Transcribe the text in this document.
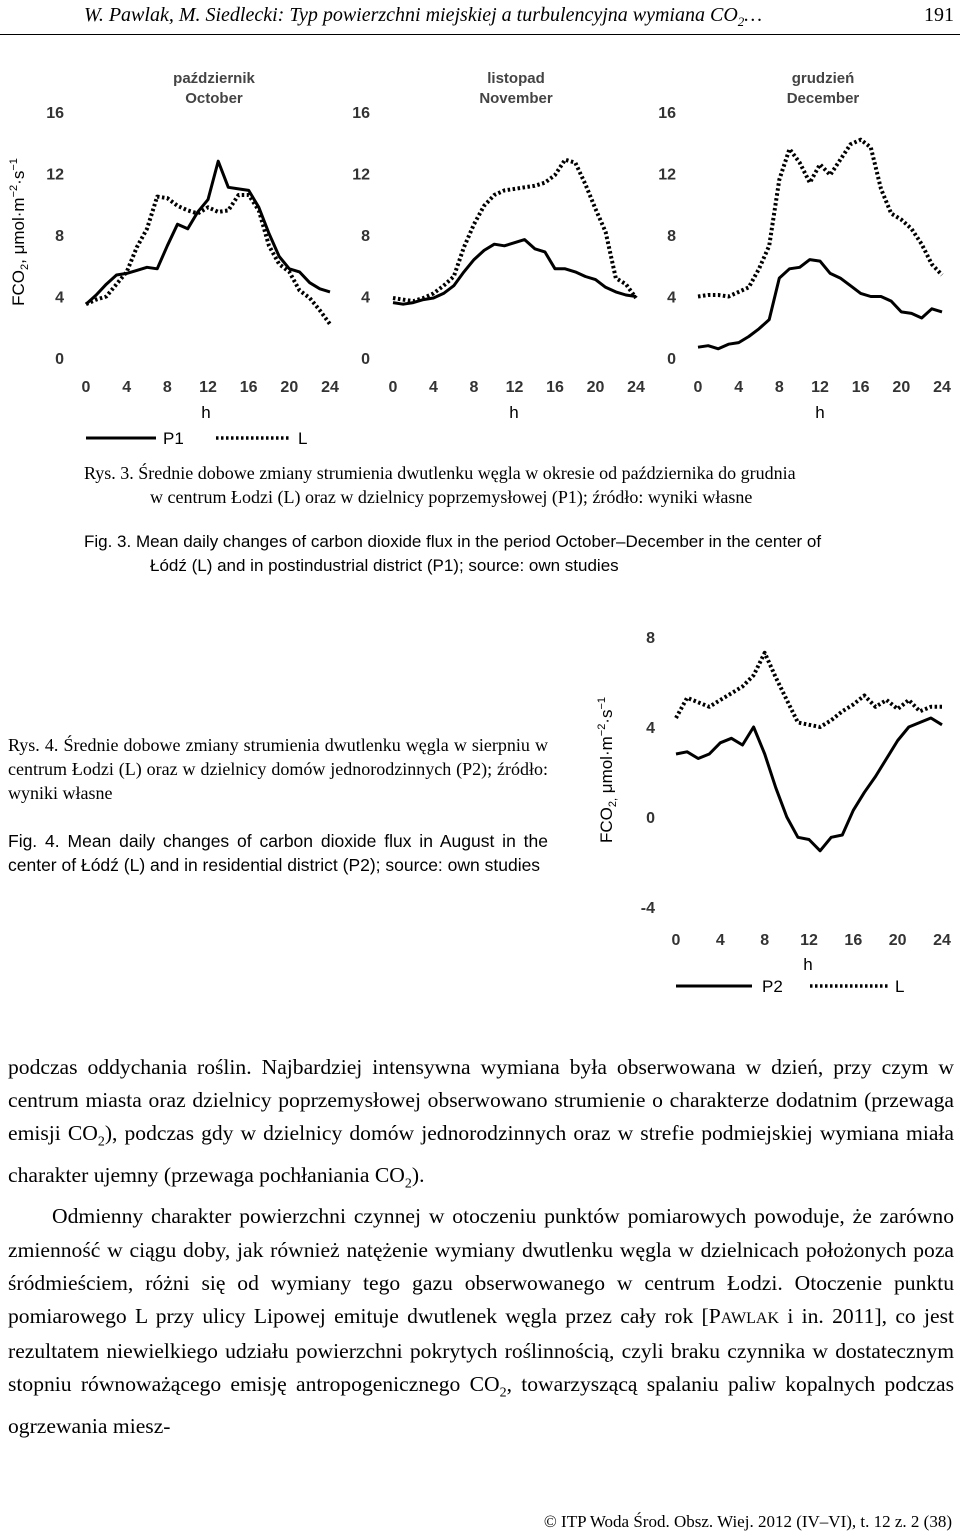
W. Pawlak, M. Siedlecki: Typ powierzchni miejskiej a turbulencyjna wymiana $CO_2\dots$	191
$FCO_2$, $\mu mol\cdot m^{-2}\cdot s^{-1}$
październik
October
0
4
8
12
16
0 4 8 12 16 20 24
h
listopad
November
0
4
8
12
16
0 4 8 12 16 20 24
h
grudzień
December
0
4
8
12
16
0 4 8 12 16 20 24
h
P1	L
Rys. 3. Średnie dobowe zmiany strumienia dwutlenku węgla w okresie od października do grudnia
w centrum Łodzi (L) oraz w dzielnicy poprzemysłowej (P1); źródło: wyniki własne
Fig. 3. Mean daily changes of carbon dioxide flux in the period October–December in the center of
Łódź (L) and in postindustrial district (P1); source: own studies
Rys. 4. Średnie dobowe zmiany strumienia dwutlenku węgla w sierpniu w centrum Łodzi (L) oraz w dzielnicy domów jednorodzinnych (P2); źródło: wyniki własne
Fig. 4. Mean daily changes of carbon dioxide flux in August in the center of Łódź (L) and in residential district (P2); source: own studies
$FCO_{2,}$ $\mu mol\cdot m^{-2}\cdot s^{-1}$
-4
0
4
8
0 4 8 12 16 20 24
h
P2	L

podczas oddychania roślin. Najbardziej intensywna wymiana była obserwowana w dzień, przy czym w centrum miasta oraz dzielnicy poprzemysłowej obserwowano strumienie o charakterze dodatnim (przewaga emisji $CO_2$), podczas gdy w dzielnicy domów jednorodzinnych oraz w strefie podmiejskiej wymiana miała charakter ujemny (przewaga pochłaniania $CO_2$).

Odmienny charakter powierzchni czynnej w otoczeniu punktów pomiarowych powoduje, że zarówno zmienność w ciągu doby, jak również natężenie wymiany dwutlenku węgla w dzielnicach położonych poza śródmieściem, różni się od wymiany tego gazu obserwowanego w centrum Łodzi. Otoczenie punktu pomiarowego L przy ulicy Lipowej emituje dwutlenek węgla przez cały rok [PAWLAK i in. 2011], co jest rezultatem niewielkiego udziału powierzchni pokrytych roślinnością, czyli braku czynnika w dostatecznym stopniu równoważącego emisję antropogenicznego $CO_2$, towarzyszącą spalaniu paliw kopalnych podczas ogrzewania miesz-

© ITP Woda Środ. Obsz. Wiej. 2012 (IV–VI), t. 12 z. 2 (38)
